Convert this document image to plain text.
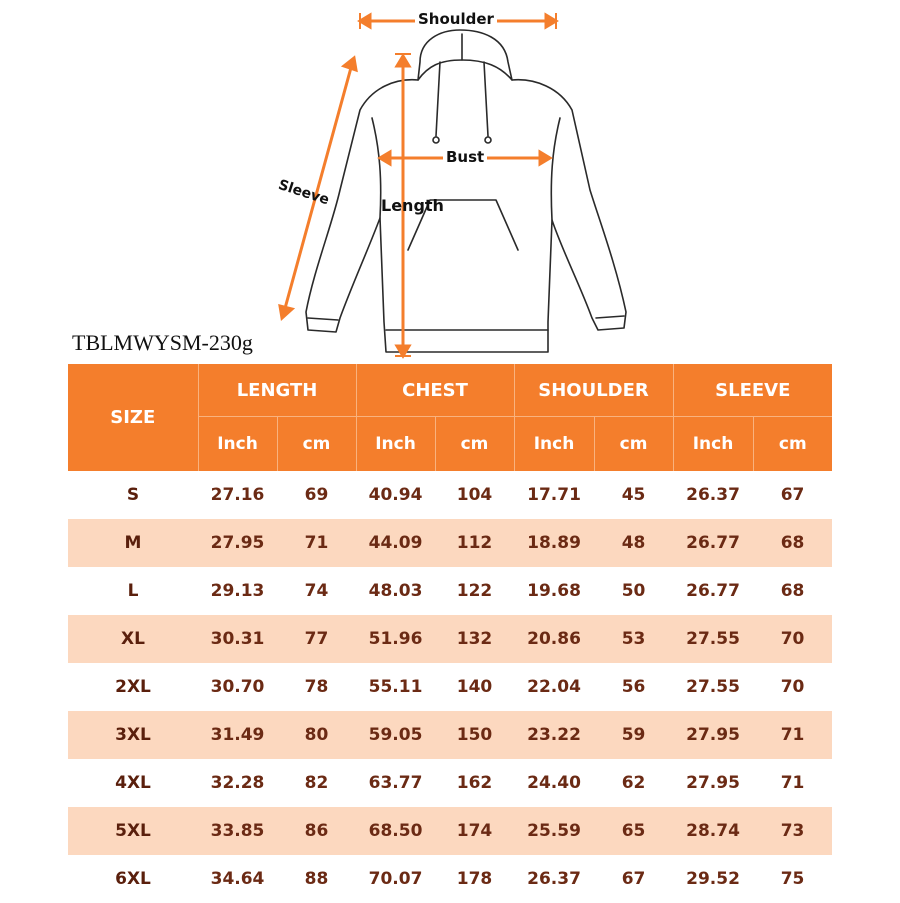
Shoulder
Bust
Length
Sleeve
TBLMWYSM-230g
SIZE	LENGTH		CHEST		SHOULDER		SLEEVE	
	Inch	cm	Inch	cm	Inch	cm	Inch	cm
S	27.16	69	40.94	104	17.71	45	26.37	67
M	27.95	71	44.09	112	18.89	48	26.77	68
L	29.13	74	48.03	122	19.68	50	26.77	68
XL	30.31	77	51.96	132	20.86	53	27.55	70
2XL	30.70	78	55.11	140	22.04	56	27.55	70
3XL	31.49	80	59.05	150	23.22	59	27.95	71
4XL	32.28	82	63.77	162	24.40	62	27.95	71
5XL	33.85	86	68.50	174	25.59	65	28.74	73
6XL	34.64	88	70.07	178	26.37	67	29.52	75
